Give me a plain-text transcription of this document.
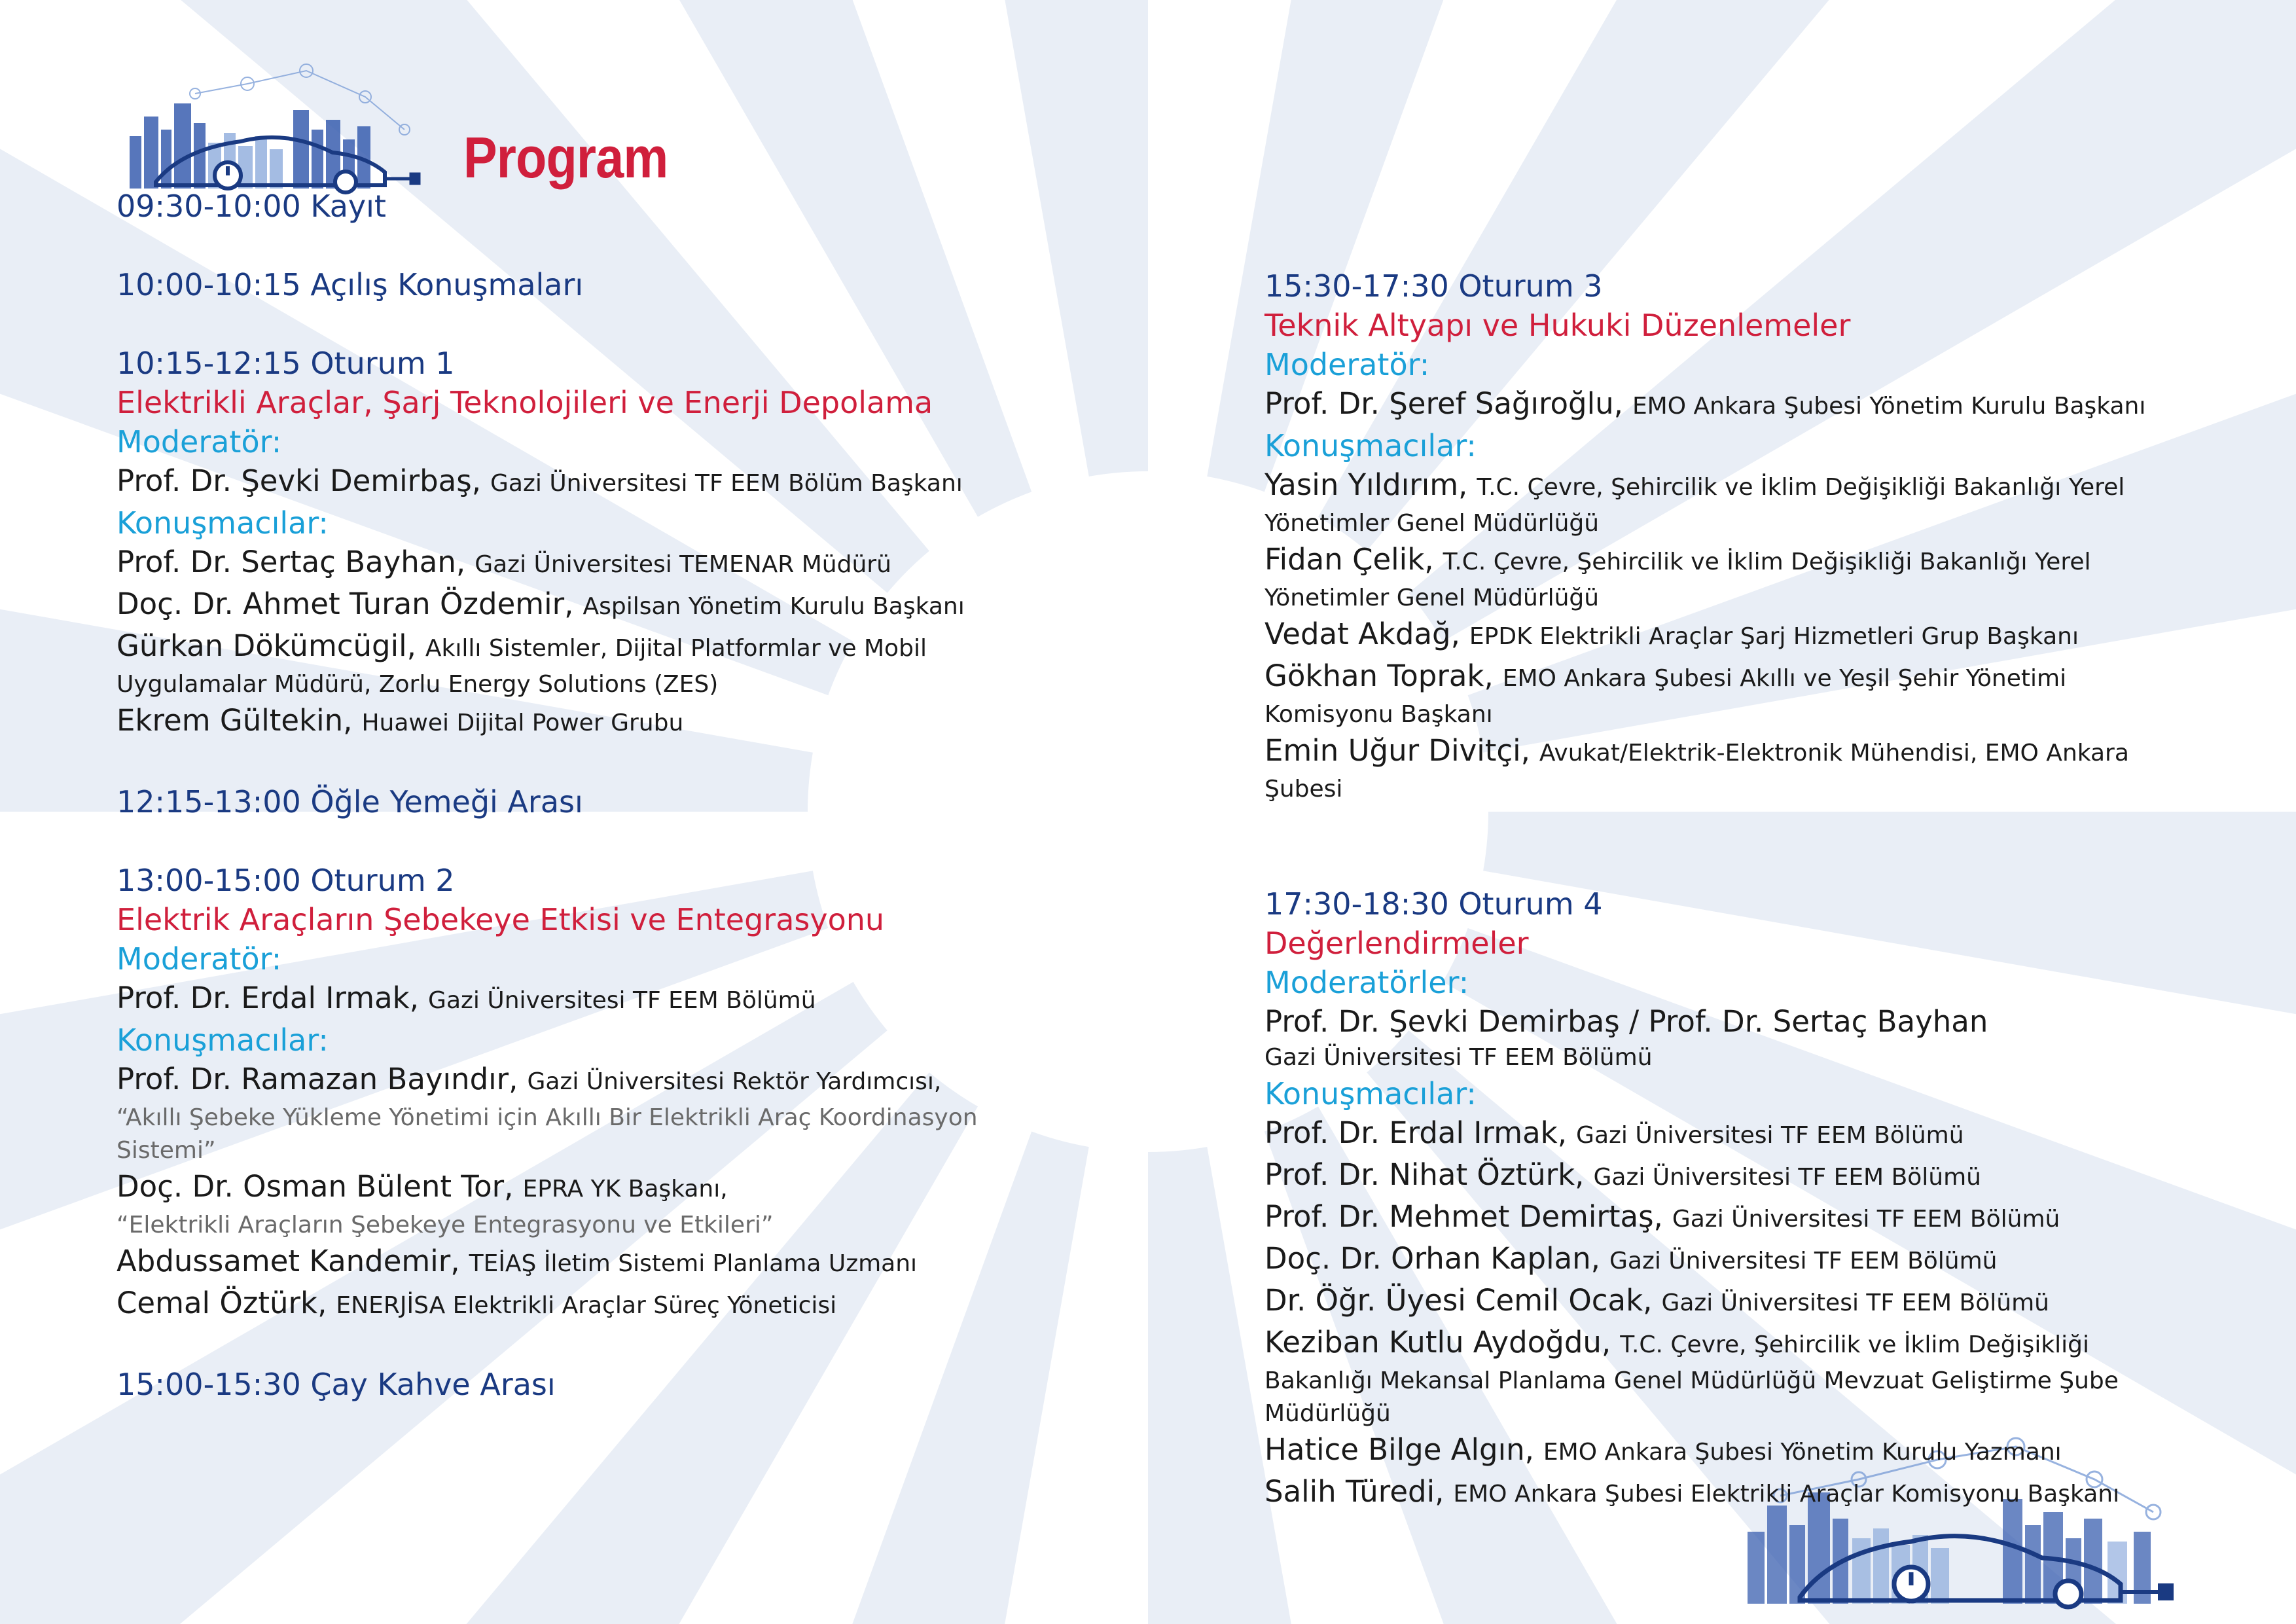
Program
09:30-10:00 Kayıt
10:00-10:15 Açılış Konuşmaları
10:15-12:15 Oturum 1
Elektrikli Araçlar, Şarj Teknolojileri ve Enerji Depolama
Moderatör:
Prof. Dr. Şevki Demirbaş, Gazi Üniversitesi TF EEM Bölüm Başkanı
Konuşmacılar:
Prof. Dr. Sertaç Bayhan, Gazi Üniversitesi TEMENAR Müdürü
Doç. Dr. Ahmet Turan Özdemir, Aspilsan Yönetim Kurulu Başkanı
Gürkan Dökümcügil, Akıllı Sistemler, Dijital Platformlar ve Mobil
Uygulamalar Müdürü, Zorlu Energy Solutions (ZES)
Ekrem Gültekin, Huawei Dijital Power Grubu
12:15-13:00 Öğle Yemeği Arası
13:00-15:00 Oturum 2
Elektrik Araçların Şebekeye Etkisi ve Entegrasyonu
Moderatör:
Prof. Dr. Erdal Irmak, Gazi Üniversitesi TF EEM Bölümü
Konuşmacılar:
Prof. Dr. Ramazan Bayındır, Gazi Üniversitesi Rektör Yardımcısı,
“Akıllı Şebeke Yükleme Yönetimi için Akıllı Bir Elektrikli Araç Koordinasyon
Sistemi”
Doç. Dr. Osman Bülent Tor, EPRA YK Başkanı,
“Elektrikli Araçların Şebekeye Entegrasyonu ve Etkileri”
Abdussamet Kandemir, TEİAŞ İletim Sistemi Planlama Uzmanı
Cemal Öztürk, ENERJİSA Elektrikli Araçlar Süreç Yöneticisi
15:00-15:30 Çay Kahve Arası
15:30-17:30 Oturum 3
Teknik Altyapı ve Hukuki Düzenlemeler
Moderatör:
Prof. Dr. Şeref Sağıroğlu, EMO Ankara Şubesi Yönetim Kurulu Başkanı
Konuşmacılar:
Yasin Yıldırım, T.C. Çevre, Şehircilik ve İklim Değişikliği Bakanlığı Yerel
Yönetimler Genel Müdürlüğü
Fidan Çelik, T.C. Çevre, Şehircilik ve İklim Değişikliği Bakanlığı Yerel
Yönetimler Genel Müdürlüğü
Vedat Akdağ, EPDK Elektrikli Araçlar Şarj Hizmetleri Grup Başkanı
Gökhan Toprak, EMO Ankara Şubesi Akıllı ve Yeşil Şehir Yönetimi
Komisyonu Başkanı
Emin Uğur Divitçi, Avukat/Elektrik-Elektronik Mühendisi, EMO Ankara
Şubesi
17:30-18:30 Oturum 4
Değerlendirmeler
Moderatörler:
Prof. Dr. Şevki Demirbaş / Prof. Dr. Sertaç Bayhan
Gazi Üniversitesi TF EEM Bölümü
Konuşmacılar:
Prof. Dr. Erdal Irmak, Gazi Üniversitesi TF EEM Bölümü
Prof. Dr. Nihat Öztürk, Gazi Üniversitesi TF EEM Bölümü
Prof. Dr. Mehmet Demirtaş, Gazi Üniversitesi TF EEM Bölümü
Doç. Dr. Orhan Kaplan, Gazi Üniversitesi TF EEM Bölümü
Dr. Öğr. Üyesi Cemil Ocak, Gazi Üniversitesi TF EEM Bölümü
Keziban Kutlu Aydoğdu, T.C. Çevre, Şehircilik ve İklim Değişikliği
Bakanlığı Mekansal Planlama Genel Müdürlüğü Mevzuat Geliştirme Şube
Müdürlüğü
Hatice Bilge Algın, EMO Ankara Şubesi Yönetim Kurulu Yazmanı
Salih Türedi, EMO Ankara Şubesi Elektrikli Araçlar Komisyonu Başkanı
